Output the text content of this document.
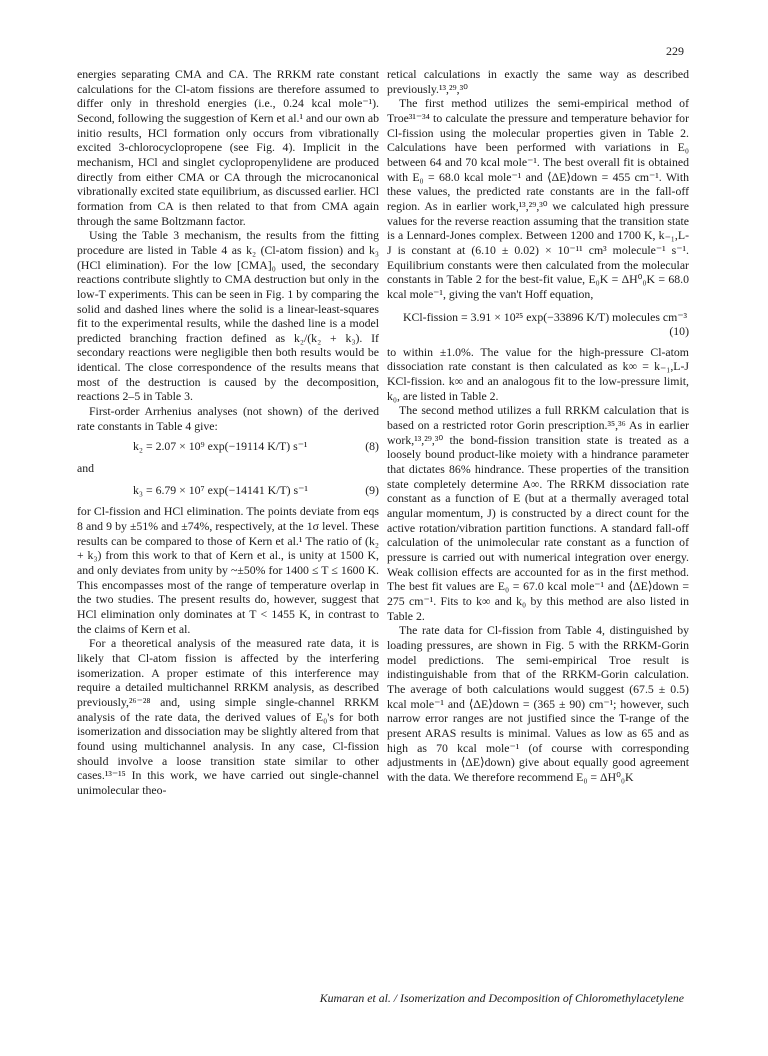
229

energies separating CMA and CA. The RRKM rate constant calculations for the Cl-atom fissions are therefore assumed to differ only in threshold energies (i.e., 0.24 kcal mole⁻¹). Second, following the suggestion of Kern et al.¹ and our own ab initio results, HCl formation only occurs from vibrationally excited 3-chlorocyclopropene (see Fig. 4). Implicit in the mechanism, HCl and singlet cyclopropenylidene are produced directly from either CMA or CA through the microcanonical vibrationally excited state equilibrium, as discussed earlier. HCl formation from CA is then related to that from CMA again through the same Boltzmann factor.

Using the Table 3 mechanism, the results from the fitting procedure are listed in Table 4 as k₂ (Cl-atom fission) and k₃ (HCl elimination). For the low [CMA]₀ used, the secondary reactions contribute slightly to CMA destruction but only in the low-T experiments. This can be seen in Fig. 1 by comparing the solid and dashed lines where the solid is a linear-least-squares fit to the experimental results, while the dashed line is a model predicted branching fraction defined as k₂/(k₂ + k₃). If secondary reactions were negligible then both results would be identical. The close correspondence of the results means that most of the destruction is caused by the decomposition, reactions 2–5 in Table 3.

First-order Arrhenius analyses (not shown) of the derived rate constants in Table 4 give:

k₂ = 2.07 × 10⁹ exp(−19114 K/T) s⁻¹	(8)
and
k₃ = 6.79 × 10⁷ exp(−14141 K/T) s⁻¹	(9)

for Cl-fission and HCl elimination. The points deviate from eqs 8 and 9 by ±51% and ±74%, respectively, at the 1σ level. These results can be compared to those of Kern et al.¹ The ratio of (k₂ + k₃) from this work to that of Kern et al., is unity at 1500 K, and only deviates from unity by ~±50% for 1400 ≤ T ≤ 1600 K. This encompasses most of the range of temperature overlap in the two studies. The present results do, however, suggest that HCl elimination only dominates at T < 1455 K, in contrast to the claims of Kern et al.

For a theoretical analysis of the measured rate data, it is likely that Cl-atom fission is affected by the interfering isomerization. A proper estimate of this interference may require a detailed multichannel RRKM analysis, as described previously,²⁶⁻²⁸ and, using simple single-channel RRKM analysis of the rate data, the derived values of E₀'s for both isomerization and dissociation may be slightly altered from that found using multichannel analysis. In any case, Cl-fission should involve a loose transition state similar to other cases.¹³⁻¹⁵ In this work, we have carried out single-channel unimolecular theo-

retical calculations in exactly the same way as described previously.¹³,²⁹,³⁰

The first method utilizes the semi-empirical method of Troe³¹⁻³⁴ to calculate the pressure and temperature behavior for Cl-fission using the molecular properties given in Table 2. Calculations have been performed with variations in E₀ between 64 and 70 kcal mole⁻¹. The best overall fit is obtained with E₀ = 68.0 kcal mole⁻¹ and ⟨ΔE⟩down = 455 cm⁻¹. With these values, the predicted rate constants are in the fall-off region. As in earlier work,¹³,²⁹,³⁰ we calculated high pressure values for the reverse reaction assuming that the transition state is a Lennard-Jones complex. Between 1200 and 1700 K, k₋₁,L-J is constant at (6.10 ± 0.02) × 10⁻¹¹ cm³ molecule⁻¹ s⁻¹. Equilibrium constants were then calculated from the molecular constants in Table 2 for the best-fit value, E₀K = ΔH⁰₀K = 68.0 kcal mole⁻¹, giving the van't Hoff equation,

KCl-fission = 3.91 × 10²⁵ exp(−33896 K/T) molecules cm⁻³
(10)

to within ±1.0%. The value for the high-pressure Cl-atom dissociation rate constant is then calculated as k∞ = k₋₁,L-J KCl-fission. k∞ and an analogous fit to the low-pressure limit, k₀, are listed in Table 2.

The second method utilizes a full RRKM calculation that is based on a restricted rotor Gorin prescription.³⁵,³⁶ As in earlier work,¹³,²⁹,³⁰ the bond-fission transition state is treated as a loosely bound product-like moiety with a hindrance parameter that dictates 86% hindrance. These properties of the transition state completely determine A∞. The RRKM dissociation rate constant as a function of E (but at a thermally averaged total angular momentum, J) is constructed by a direct count for the active rotation/vibration partition functions. A standard fall-off calculation of the unimolecular rate constant as a function of pressure is carried out with numerical integration over energy. Weak collision effects are accounted for as in the first method. The best fit values are E₀ = 67.0 kcal mole⁻¹ and ⟨ΔE⟩down = 275 cm⁻¹. Fits to k∞ and k₀ by this method are also listed in Table 2.

The rate data for Cl-fission from Table 4, distinguished by loading pressures, are shown in Fig. 5 with the RRKM-Gorin model predictions. The semi-empirical Troe result is indistinguishable from that of the RRKM-Gorin calculation. The average of both calculations would suggest (67.5 ± 0.5) kcal mole⁻¹ and ⟨ΔE⟩down = (365 ± 90) cm⁻¹; however, such narrow error ranges are not justified since the T-range of the present ARAS results is minimal. Values as low as 65 and as high as 70 kcal mole⁻¹ (of course with corresponding adjustments in ⟨ΔE⟩down) give about equally good agreement with the data. We therefore recommend E₀ = ΔH⁰₀K

Kumaran et al. / Isomerization and Decomposition of Chloromethylacetylene
